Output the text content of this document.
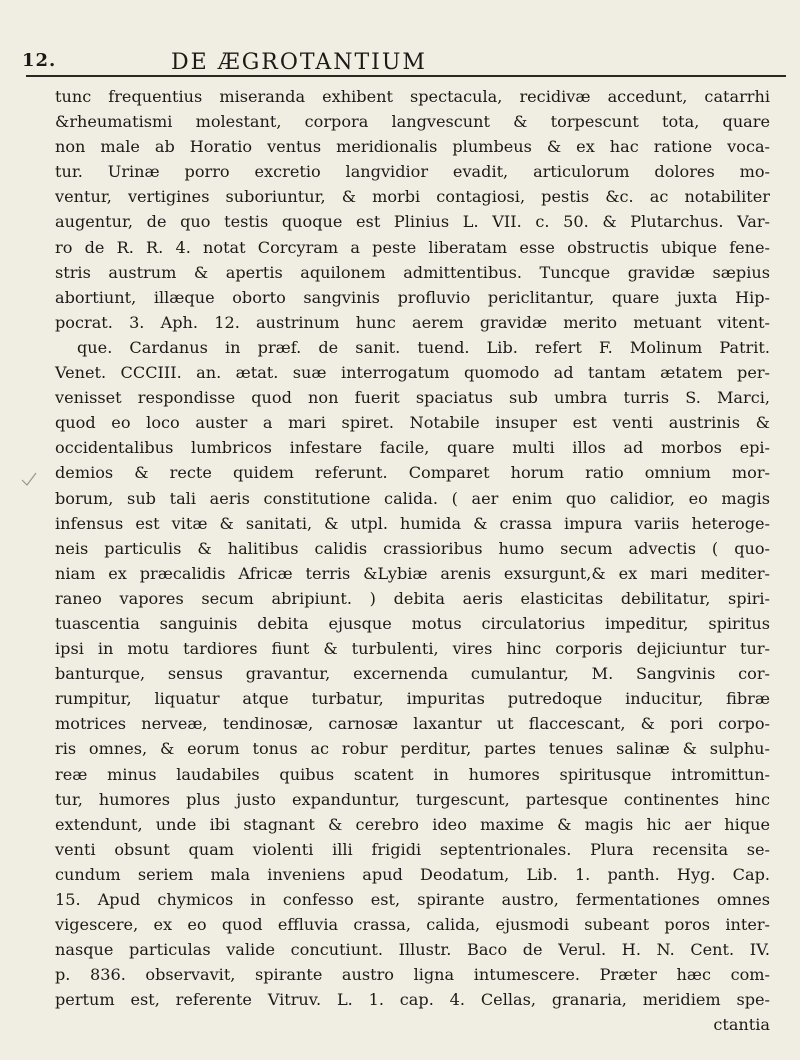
12.	DE ÆGROTANTIUM
tunc frequentius miseranda exhibent spectacula, recidivæ accedunt, catarrhi
&rheumatismi molestant, corpora langvescunt & torpescunt tota, quare
non male ab Horatio ventus meridionalis plumbeus & ex hac ratione voca-
tur. Urinæ porro excretio langvidior evadit, articulorum dolores mo-
ventur, vertigines suboriuntur, & morbi contagiosi, pestis &c. ac notabiliter
augentur, de quo testis quoque est Plinius L. VII. c. 50. & Plutarchus. Var-
ro de R. R. 4. notat Corcyram a peste liberatam esse obstructis ubique fene-
stris austrum & apertis aquilonem admittentibus. Tuncque gravidæ sæpius
abortiunt, illæque oborto sangvinis profluvio periclitantur, quare juxta Hip-
pocrat. 3. Aph. 12. austrinum hunc aerem gravidæ merito metuant vitent-
que. Cardanus in præf. de sanit. tuend. Lib. refert F. Molinum Patrit.
Venet. CCCIII. an. ætat. suæ interrogatum quomodo ad tantam ætatem per-
venisset respondisse quod non fuerit spaciatus sub umbra turris S. Marci,
quod eo loco auster a mari spiret. Notabile insuper est venti austrinis &
occidentalibus lumbricos infestare facile, quare multi illos ad morbos epi-
demios & recte quidem referunt. Comparet horum ratio omnium mor-
borum, sub tali aeris constitutione calida. ( aer enim quo calidior, eo magis
infensus est vitæ & sanitati, & utpl. humida & crassa impura variis heteroge-
neis particulis & halitibus calidis crassioribus humo secum advectis ( quo-
niam ex præcalidis Africæ terris &Lybiæ arenis exsurgunt,& ex mari mediter-
raneo vapores secum abripiunt. ) debita aeris elasticitas debilitatur, spiri-
tuascentia sanguinis debita ejusque motus circulatorius impeditur, spiritus
ipsi in motu tardiores fiunt & turbulenti, vires hinc corporis dejiciuntur tur-
banturque, sensus gravantur, excernenda cumulantur, M. Sangvinis cor-
rumpitur, liquatur atque turbatur, impuritas putredoque inducitur, fibræ
motrices nerveæ, tendinosæ, carnosæ laxantur ut flaccescant, & pori corpo-
ris omnes, & eorum tonus ac robur perditur, partes tenues salinæ & sulphu-
reæ minus laudabiles quibus scatent in humores spiritusque intromittun-
tur, humores plus justo expanduntur, turgescunt, partesque continentes hinc
extendunt, unde ibi stagnant & cerebro ideo maxime & magis hic aer hique
venti obsunt quam violenti illi frigidi septentrionales. Plura recensita se-
cundum seriem mala inveniens apud Deodatum, Lib. 1. panth. Hyg. Cap.
15. Apud chymicos in confesso est, spirante austro, fermentationes omnes
vigescere, ex eo quod effluvia crassa, calida, ejusmodi subeant poros inter-
nasque particulas valide concutiunt. Illustr. Baco de Verul. H. N. Cent. IV.
p. 836. observavit, spirante austro ligna intumescere. Præter hæc com-
pertum est, referente Vitruv. L. 1. cap. 4. Cellas, granaria, meridiem spe-
ctantia
